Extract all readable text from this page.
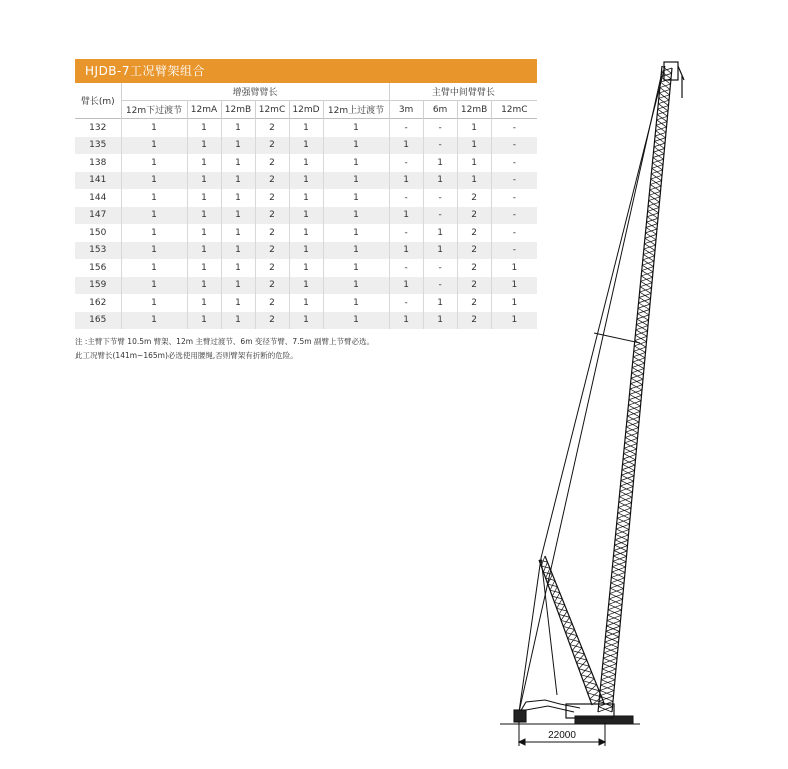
HJDB-7工况臂架组合
臂长(m)	增强臂臂长						主臂中间臂臂长			
	12m下过渡节	12mA	12mB	12mC	12mD	12m上过渡节	3m	6m	12mB	12mC
132	1	1	1	2	1	1	-	-	1	-
135	1	1	1	2	1	1	1	-	1	-
138	1	1	1	2	1	1	-	1	1	-
141	1	1	1	2	1	1	1	1	1	-
144	1	1	1	2	1	1	-	-	2	-
147	1	1	1	2	1	1	1	-	2	-
150	1	1	1	2	1	1	-	1	2	-
153	1	1	1	2	1	1	1	1	2	-
156	1	1	1	2	1	1	-	-	2	1
159	1	1	1	2	1	1	1	-	2	1
162	1	1	1	2	1	1	-	1	2	1
165	1	1	1	2	1	1	1	1	2	1
注 :主臂下节臂 10.5m 臂架、12m 主臂过渡节、6m 变径节臂、7.5m 副臂上节臂必选。
此工况臂长(141m~165m)必选使用腰绳,否则臂架有折断的危险。
22000
